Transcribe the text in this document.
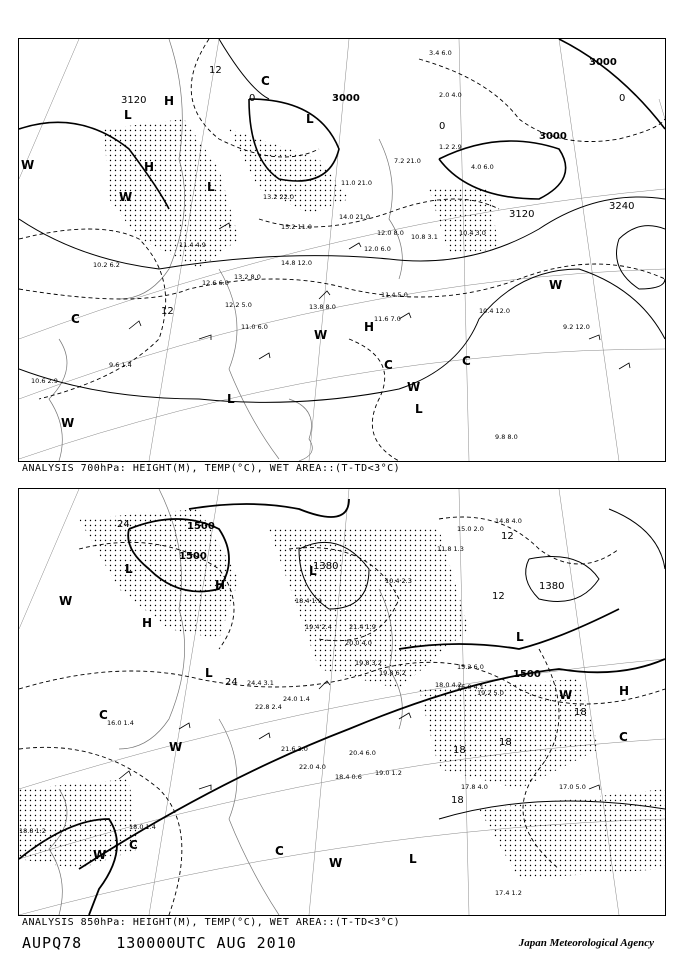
3000
3000
3000
3120
3120
3240
12
12
0
0
0
H
H
H
L
L
L
L
L
C
C
C	C
W
W
W
W
W
W
3.4 6.0
2.0 4.0
1.2 2.9
4.0 6.0
7.2 21.0
11.0 21.0
13.2 22.0
15.2 11.0
14.0 21.0
12.0 8.0	10.4 3.0
10.8 3.1
12.0 6.0
14.8 12.0
13.2 8.0
12.2 5.0
11.0 6.0
12.6 6.0
11.4 5.0
11.6 7.0
13.8 8.0	10.4 12.0
9.2 12.0
9.6 1.4
10.6 2.9
9.8 8.0
10.2 6.2
11.4 4.9
ANALYSIS 700hPa: HEIGHT(M), TEMP(°C), WET AREA::(T-TD<3°C)
1500
1500
1500
1380
1380
24
24
12
12
18
18
18
18
H
H
H
L	L
L
L
L
C
C	C
C
W
W
W
W
W
15.0 2.0
14.8 4.0
11.8 1.3
10.4 2.3
18.4 1.9
19.4 2.4	21.4 1.9
20.0 4.0
19.8 3.2
19.8 6.2
15.2 6.0
16.0 4.1
19.2 5.0
18.0 4.2
24.4 3.1
22.8 2.4
24.0 1.4
21.6 3.0	20.4 6.0
22.0 4.0
19.0 1.2
18.4 0.6
17.8 4.0	17.0 5.0
16.0 1.4
18.0 1.4
18.8 1.2
17.4 1.2
ANALYSIS 850hPa: HEIGHT(M), TEMP(°C), WET AREA::(T-TD<3°C)
AUPQ78 130000UTC AUG 2010	Japan Meteorological Agency
